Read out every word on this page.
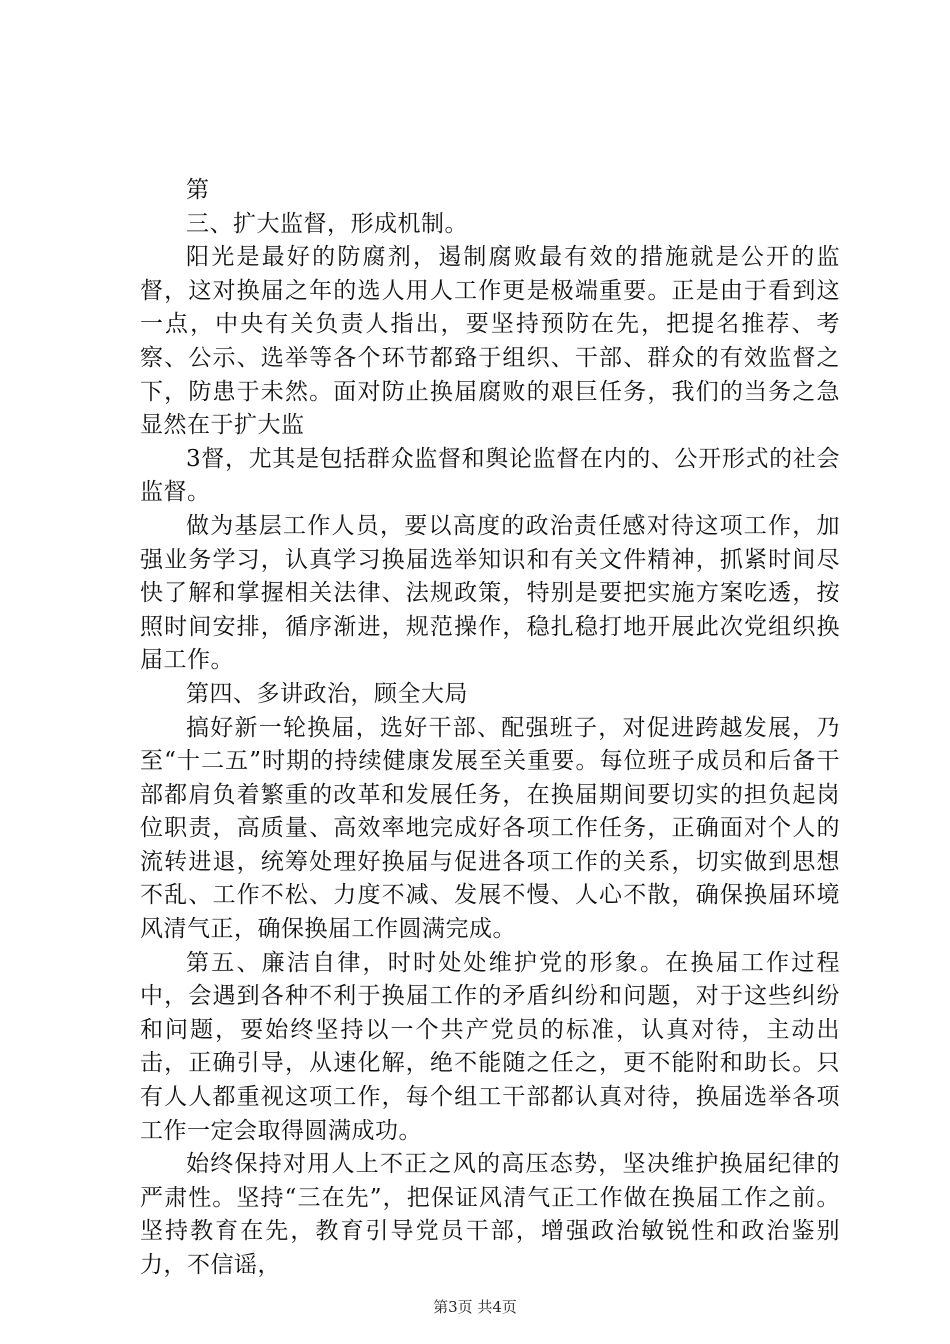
第

三、扩大监督，形成机制。

阳光是最好的防腐剂，遏制腐败最有效的措施就是公开的监督，这对换届之年的选人用人工作更是极端重要。正是由于看到这一点，中央有关负责人指出，要坚持预防在先，把提名推荐、考察、公示、选举等各个环节都臵于组织、干部、群众的有效监督之下，防患于未然。面对防止换届腐败的艰巨任务，我们的当务之急显然在于扩大监

3督，尤其是包括群众监督和舆论监督在内的、公开形式的社会监督。

做为基层工作人员，要以高度的政治责任感对待这项工作，加强业务学习，认真学习换届选举知识和有关文件精神，抓紧时间尽快了解和掌握相关法律、法规政策，特别是要把实施方案吃透，按照时间安排，循序渐进，规范操作，稳扎稳打地开展此次党组织换届工作。

第四、多讲政治，顾全大局

搞好新一轮换届，选好干部、配强班子，对促进跨越发展，乃至“十二五”时期的持续健康发展至关重要。每位班子成员和后备干部都肩负着繁重的改革和发展任务，在换届期间要切实的担负起岗位职责，高质量、高效率地完成好各项工作任务，正确面对个人的流转进退，统筹处理好换届与促进各项工作的关系，切实做到思想不乱、工作不松、力度不减、发展不慢、人心不散，确保换届环境风清气正，确保换届工作圆满完成。

第五、廉洁自律，时时处处维护党的形象。在换届工作过程中，会遇到各种不利于换届工作的矛盾纠纷和问题，对于这些纠纷和问题，要始终坚持以一个共产党员的标准，认真对待，主动出击，正确引导，从速化解，绝不能随之任之，更不能附和助长。只有人人都重视这项工作，每个组工干部都认真对待，换届选举各项工作一定会取得圆满成功。

始终保持对用人上不正之风的高压态势，坚决维护换届纪律的严肃性。坚持“三在先”，把保证风清气正工作做在换届工作之前。坚持教育在先，教育引导党员干部，增强政治敏锐性和政治鉴别力，不信谣，

第3页 共4页
